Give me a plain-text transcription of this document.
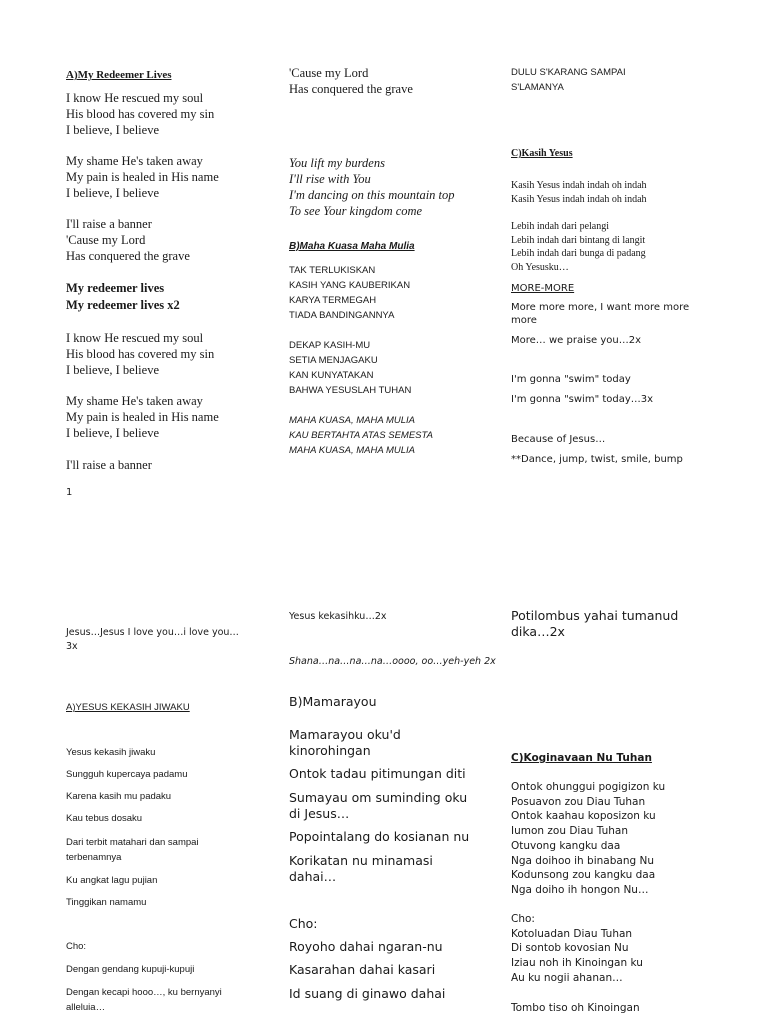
A)My Redeemer Lives
I know He rescued my soul
His blood has covered my sin
I believe, I believe
My shame He's taken away
My pain is healed in His name
I believe, I believe
I'll raise a banner
'Cause my Lord
Has conquered the grave
My redeemer lives
My redeemer lives x2
I know He rescued my soul
His blood has covered my sin
I believe, I believe
My shame He's taken away
My pain is healed in His name
I believe, I believe
I'll raise a banner
1
'Cause my Lord
Has conquered the grave
You lift my burdens
I'll rise with You
I'm dancing on this mountain top
To see Your kingdom come
B)Maha Kuasa Maha Mulia
TAK TERLUKISKAN
KASIH YANG KAUBERIKAN
KARYA TERMEGAH
TIADA BANDINGANNYA
DEKAP KASIH-MU
SETIA MENJAGAKU
KAN KUNYATAKAN
BAHWA YESUSLAH TUHAN
MAHA KUASA, MAHA MULIA
KAU BERTAHTA ATAS SEMESTA
MAHA KUASA, MAHA MULIA
DULU S'KARANG SAMPAI
S'LAMANYA
C)Kasih Yesus
Kasih Yesus indah indah oh indah
Kasih Yesus indah indah oh indah
Lebih indah dari pelangi
Lebih indah dari bintang di langit
Lebih indah dari bunga di padang
Oh Yesusku…
MORE-MORE
More more more, I want more more
more
More… we praise you…2x
I'm gonna "swim" today
I'm gonna "swim" today…3x
Because of Jesus…
**Dance, jump, twist, smile, bump
Jesus…Jesus I love you…i love you…
3x
A)YESUS KEKASIH JIWAKU
Yesus kekasih jiwaku
Sungguh kupercaya padamu
Karena kasih mu padaku
Kau tebus dosaku
Dari terbit matahari dan sampai
terbenamnya
Ku angkat lagu pujian
Tinggikan namamu
Cho:
Dengan gendang kupuji-kupuji
Dengan kecapi hooo…, ku bernyanyi
alleluia…
Yesus kekasihku…2x
Shana…na…na…na…oooo, oo…yeh-yeh 2x
B)Mamarayou
Mamarayou oku'd
kinorohingan
Ontok tadau pitimungan diti
Sumayau om suminding oku
di Jesus…
Popointalang do kosianan nu
Korikatan nu minamasi
dahai…
Cho:
Royoho dahai ngaran-nu
Kasarahan dahai kasari
Id suang di ginawo dahai
Potilombus yahai tumanud
dika…2x
C)Koginavaan Nu Tuhan
Ontok ohunggui pogigizon ku
Posuavon zou Diau Tuhan
Ontok kaahau koposizon ku
Iumon zou Diau Tuhan
Otuvong kangku daa
Nga doihoo ih binabang Nu
Kodunsong zou kangku daa
Nga doiho ih hongon Nu…
Cho:
Kotoluadan Diau Tuhan
Di sontob kovosian Nu
Iziau noh ih Kinoingan ku
Au ku nogii ahanan…
Tombo tiso oh Kinoingan
